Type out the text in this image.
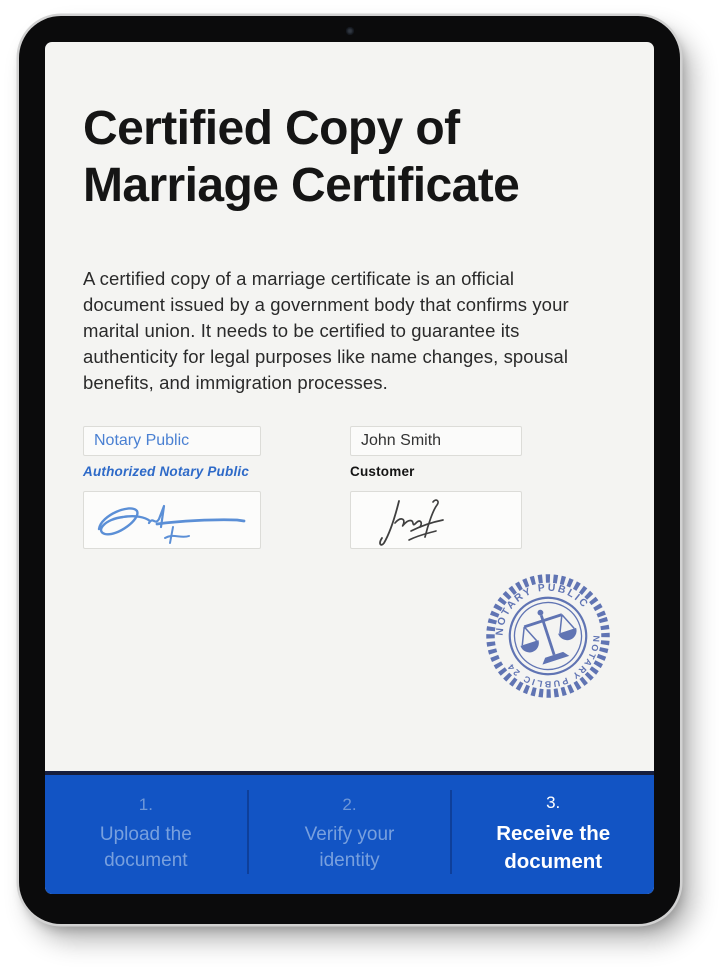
Certified Copy of
Marriage Certificate

A certified copy of a marriage certificate is an official document issued by a government body that confirms your marital union. It needs to be certified to guarantee its authenticity for legal purposes like name changes, spousal benefits, and immigration processes.

Notary Public
Authorized Notary Public
John Smith
Customer
NOTARY PUBLIC
NOTARY PUBLIC 24
1.
Upload the document
2.
Verify your identity
3.
Receive the document
